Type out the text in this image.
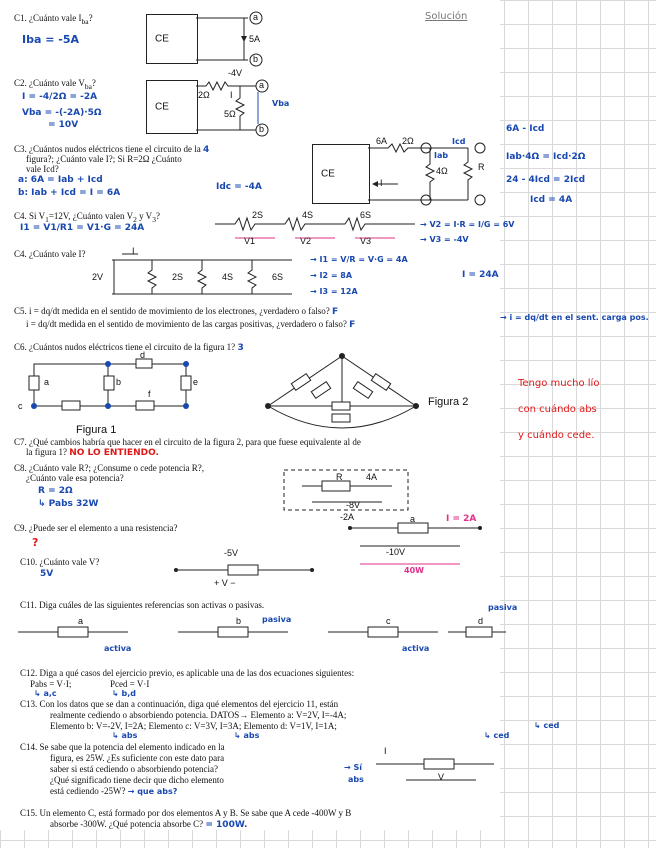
Solución
C1. ¿Cuánto vale $I_{ba}$?
Iba = -5A	CE
a
b
5A
C2. ¿Cuánto vale $V_{ba}$?
I = -4/2Ω = -2A
Vba = -(-2A)·5Ω
= 10V
CE
-4V
2Ω I
5Ω
Vba
a
b
C3. ¿Cuántos nudos eléctricos tiene el circuito de la 4
figura?; ¿Cuánto vale I?; Si R=2Ω ¿Cuánto
vale Icd?
a: 6A = Iab + Icd
b: Iab + Icd = I = 6A
Idc = -4A
CE
6A 2Ω
Iab
4Ω	R
I
Icd
6A - Icd
Iab·4Ω = Icd·2Ω
24 - 4Icd = 2Icd
Icd = 4A
C4. Si $V_1=12V$, ¿Cuánto valen $V_2$ y $V_3$?
I1 = V1/R1 = V1·G = 24A
2S	4S	6S
V1	V2	V3
→ V2 = I·R = I/G = 6V
→ V3 = -4V
C4. ¿Cuánto vale I?
2V
I
2S	4S	6S
→ I1 = V/R = V·G = 4A
→ I2 = 8A
→ I3 = 12A
I = 24A
C5. i = dq/dt medida en el sentido de movimiento de los electrones, ¿verdadero o falso? F
i = dq/dt medida en el sentido de movimiento de las cargas positivas, ¿verdadero o falso? F
→ i = dq/dt en el sent. carga pos.
C6. ¿Cuántos nudos eléctricos tiene el circuito de la figura 1? 3
a	b
c
d
e
f
Figura 1
Figura 2
C7. ¿Qué cambios habría que hacer en el circuito de la figura 2, para que fuese equivalente al de
la figura 1? NO LO ENTIENDO.
C8. ¿Cuánto vale R?; ¿Consume o cede potencia R?,
¿Cuánto vale esa potencia?
R = 2Ω
↳ Pabs 32W
R	4A
-8V
C9. ¿Puede ser el elemento a una resistencia?
?
I = 2A
-2A	a
-10V
40W
C10. ¿Cuánto vale V?
5V
-5V
+ V −
C11. Diga cuáles de las siguientes referencias son activas o pasivas.
a	b	c	d
activa
pasiva
activa
pasiva
C12. Diga a qué casos del ejercicio previo, es aplicable una de las dos ecuaciones siguientes:
Pabs = V·I;	Pced = V·I
↳ a,c	↳ b,d
C13. Con los datos que se dan a continuación, diga qué elementos del ejercicio 11, están
realmente cediendo o absorbiendo potencia. DATOS→ Elemento a: V=2V, I=-4A;
Elemento b: V=-2V, I=2A; Elemento c: V=3V, I=3A; Elemento d: V=1V, I=1A;
↳ abs	↳ abs	↳ ced
↳ ced
C14. Se sabe que la potencia del elemento indicado en la
figura, es 25W. ¿Es suficiente con este dato para
saber si está cediendo o absorbiendo potencia?
¿Qué significado tiene decir que dicho elemento
está cediendo -25W? → que abs?
→ Sí
abs
I
V
C15. Un elemento C, está formado por dos elementos A y B. Se sabe que A cede -400W y B
absorbe -300W. ¿Qué potencia absorbe C? = 100W.
Tengo mucho lío
con cuándo abs
y cuándo cede.
